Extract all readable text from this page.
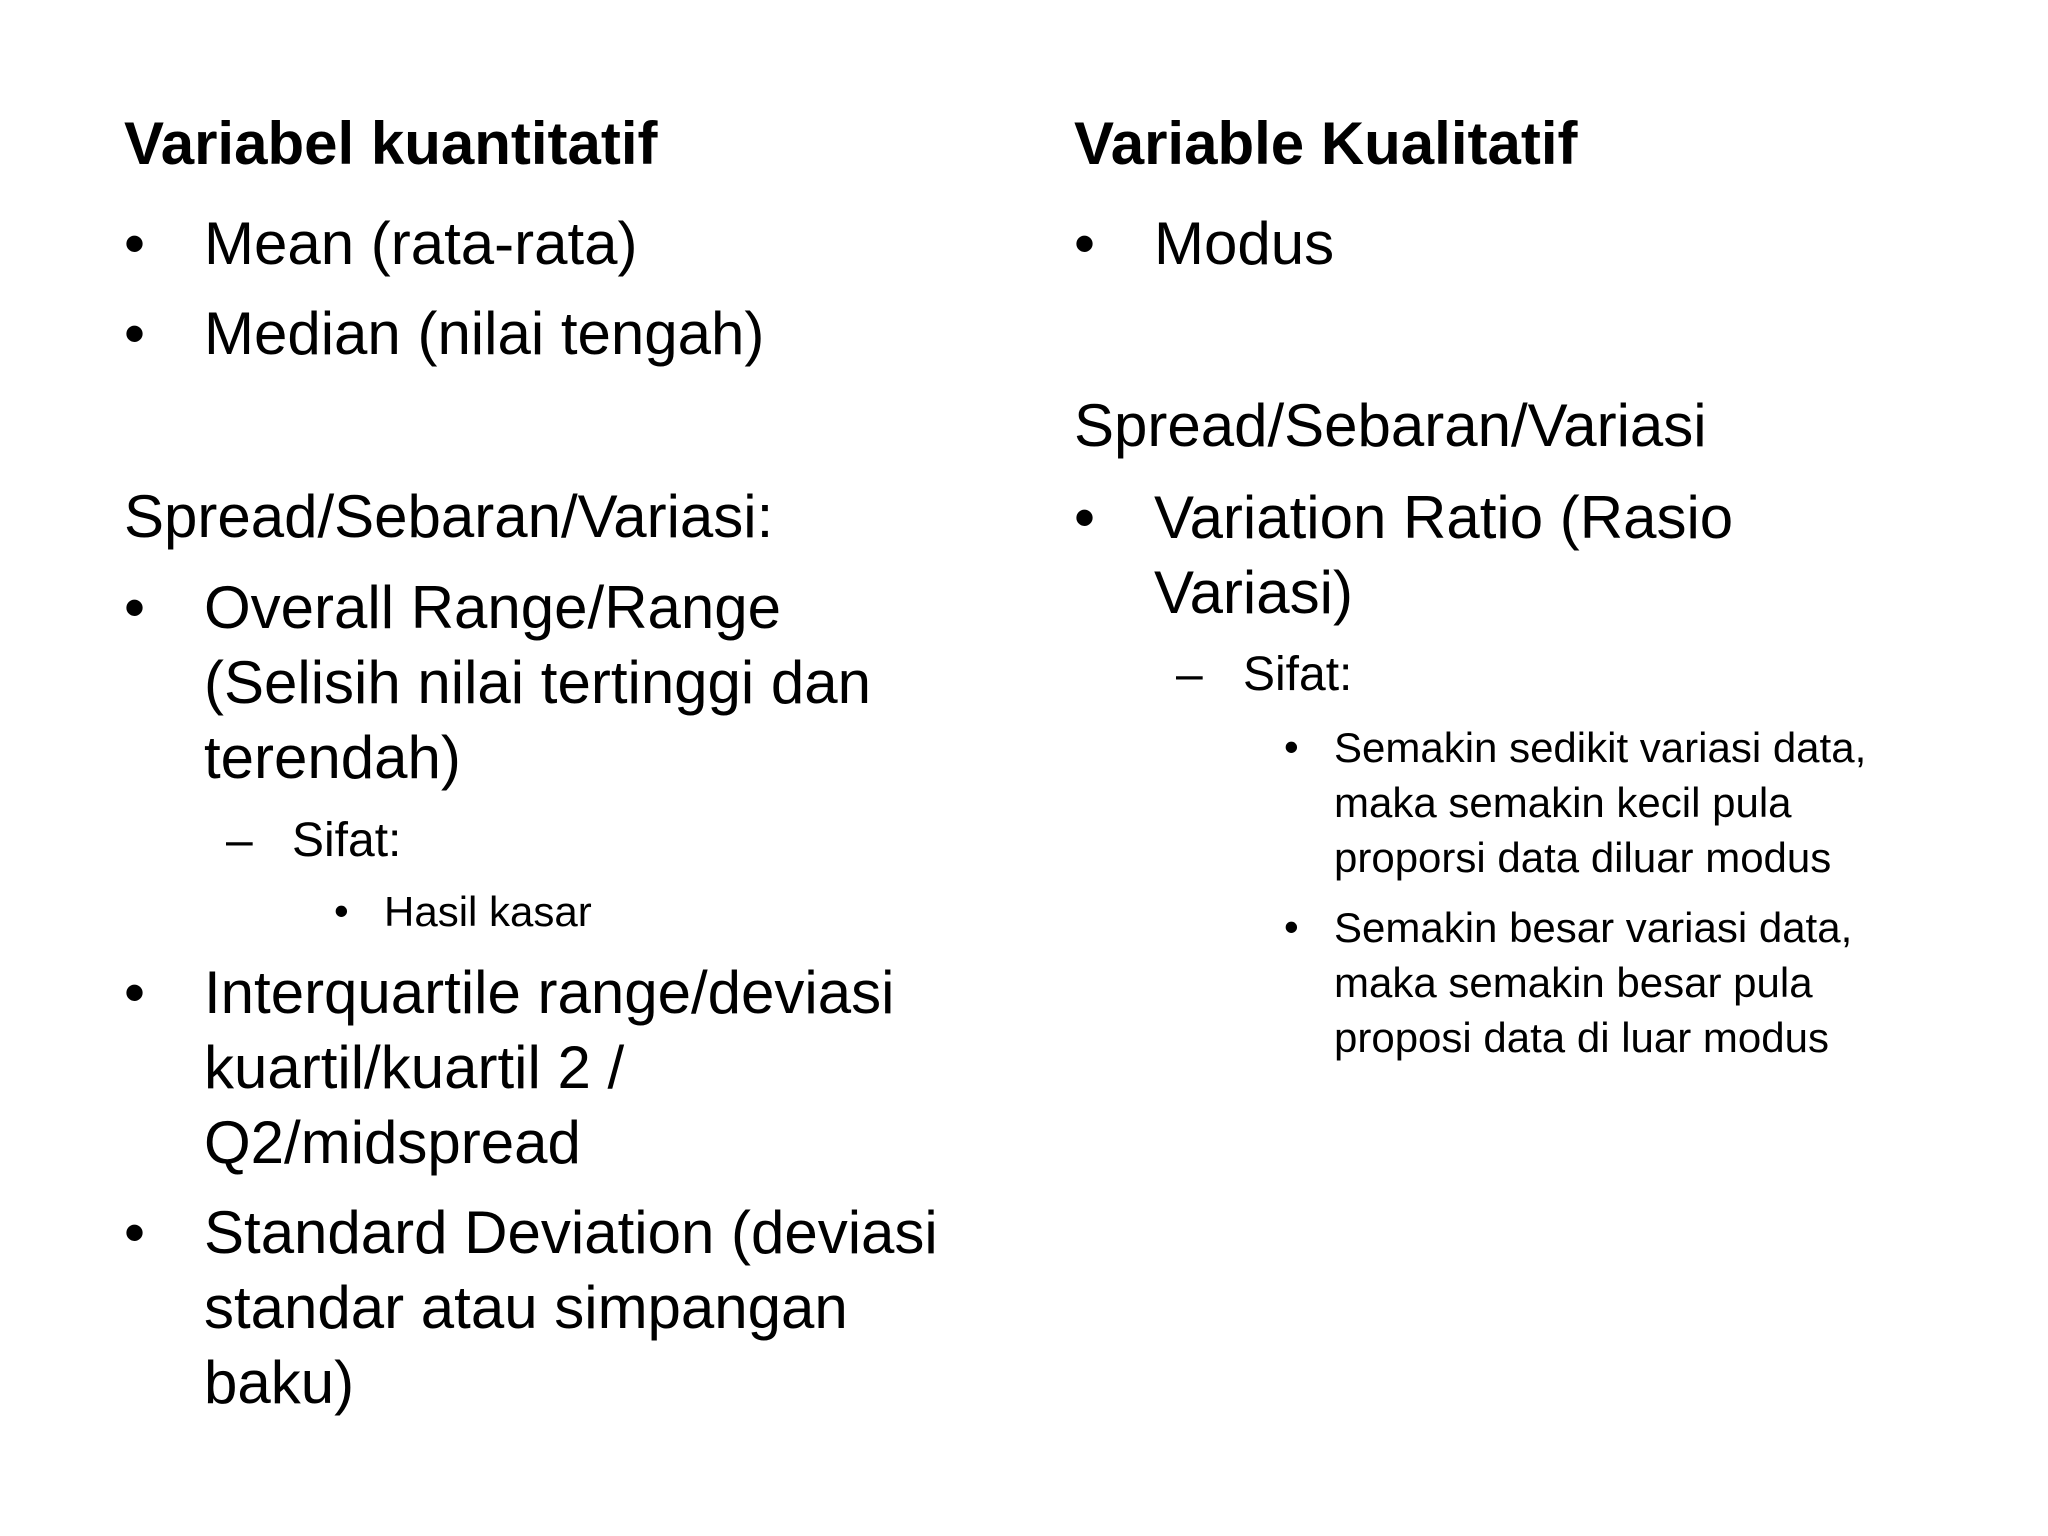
Variabel kuantitatif
• Mean (rata-rata)
• Median (nilai tengah)
Spread/Sebaran/Variasi:
• Overall Range/Range
(Selisih nilai tertinggi dan
terendah)
– Sifat:
• Hasil kasar
• Interquartile range/deviasi
kuartil/kuartil 2 /
Q2/midspread
• Standard Deviation (deviasi
standar atau simpangan
baku)
Variable Kualitatif
• Modus
Spread/Sebaran/Variasi
• Variation Ratio (Rasio
Variasi)
– Sifat:
• Semakin sedikit variasi data,
maka semakin kecil pula
proporsi data diluar modus
• Semakin besar variasi data,
maka semakin besar pula
proposi data di luar modus
